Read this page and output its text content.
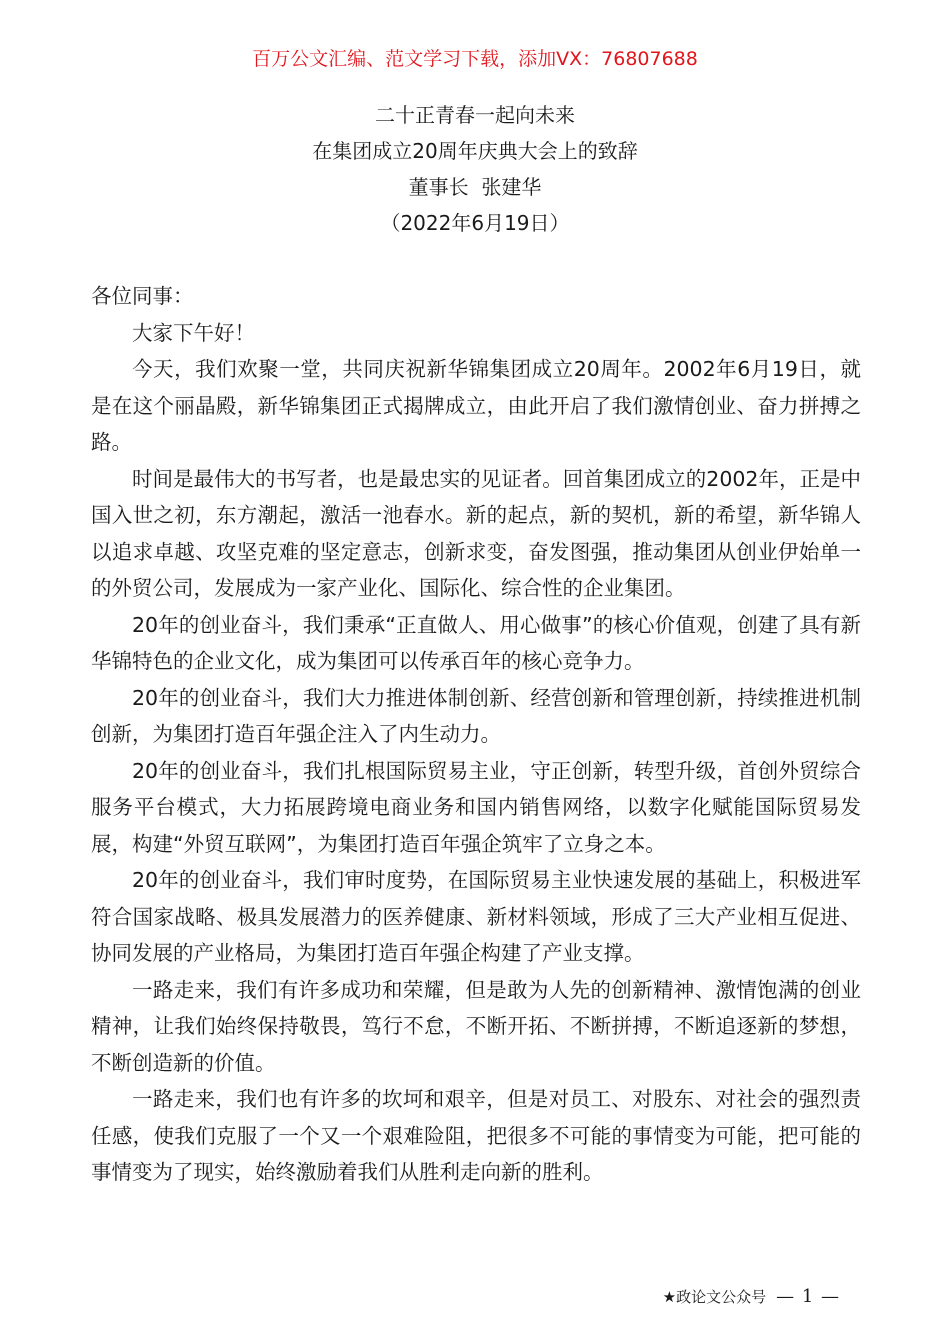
百万公文汇编、范文学习下载，添加VX：76807688
二十正青春一起向未来
在集团成立20周年庆典大会上的致辞
董事长  张建华
（2022年6月19日）

各位同事：

大家下午好！

今天，我们欢聚一堂，共同庆祝新华锦集团成立20周年。2002年6月19日，就是在这个丽晶殿，新华锦集团正式揭牌成立，由此开启了我们激情创业、奋力拼搏之路。

时间是最伟大的书写者，也是最忠实的见证者。回首集团成立的2002年，正是中国入世之初，东方潮起，激活一池春水。新的起点，新的契机，新的希望，新华锦人以追求卓越、攻坚克难的坚定意志，创新求变，奋发图强，推动集团从创业伊始单一的外贸公司，发展成为一家产业化、国际化、综合性的企业集团。

20年的创业奋斗，我们秉承“正直做人、用心做事”的核心价值观，创建了具有新华锦特色的企业文化，成为集团可以传承百年的核心竞争力。

20年的创业奋斗，我们大力推进体制创新、经营创新和管理创新，持续推进机制创新，为集团打造百年强企注入了内生动力。

20年的创业奋斗，我们扎根国际贸易主业，守正创新，转型升级，首创外贸综合服务平台模式，大力拓展跨境电商业务和国内销售网络，以数字化赋能国际贸易发展，构建“外贸互联网”，为集团打造百年强企筑牢了立身之本。

20年的创业奋斗，我们审时度势，在国际贸易主业快速发展的基础上，积极进军符合国家战略、极具发展潜力的医养健康、新材料领域，形成了三大产业相互促进、协同发展的产业格局，为集团打造百年强企构建了产业支撑。

一路走来，我们有许多成功和荣耀，但是敢为人先的创新精神、激情饱满的创业精神，让我们始终保持敬畏，笃行不怠，不断开拓、不断拼搏，不断追逐新的梦想，不断创造新的价值。

一路走来，我们也有许多的坎坷和艰辛，但是对员工、对股东、对社会的强烈责任感，使我们克服了一个又一个艰难险阻，把很多不可能的事情变为可能，把可能的事情变为了现实，始终激励着我们从胜利走向新的胜利。

★政论文公众号 — 1 —
